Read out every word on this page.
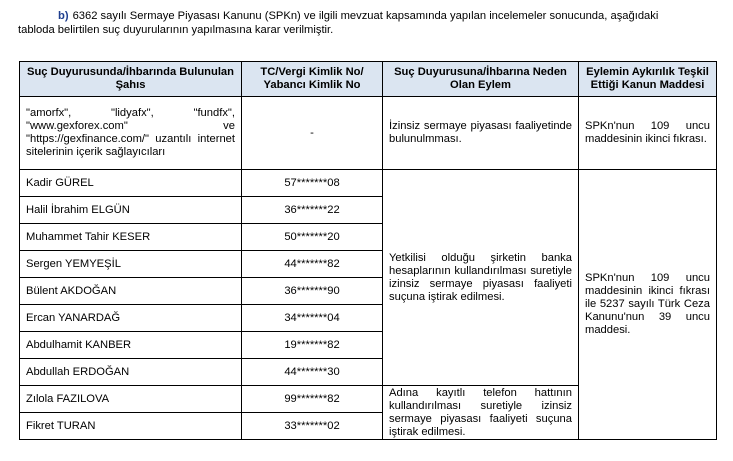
b) 6362 sayılı Sermaye Piyasası Kanunu (SPKn) ve ilgili mevzuat kapsamında yapılan incelemeler sonucunda, aşağıdaki
tabloda belirtilen suç duyurularının yapılmasına karar verilmiştir.
Suç Duyurusunda/İhbarında Bulunulan Şahıs	TC/Vergi Kimlik No/ Yabancı Kimlik No	Suç Duyurusuna/İhbarına Neden Olan Eylem	Eylemin Aykırılık Teşkil Ettiği Kanun Maddesi
"amorfx", "lidyafx", "fundfx", "www.gexforex.com" ve "https://gexfinance.com/" uzantılı internet sitelerinin içerik sağlayıcıları	-	İzinsiz sermaye piyasası faaliyetinde bulunulmması.	SPKn'nun 109 uncu maddesinin ikinci fıkrası.
Kadir GÜREL	57*******08	Yetkilisi olduğu şirketin banka hesaplarının kullandırılması suretiyle izinsiz sermaye piyasası faaliyeti suçuna iştirak edilmesi.	SPKn'nun 109 uncu maddesinin ikinci fıkrası ile 5237 sayılı Türk Ceza Kanunu'nun 39 uncu maddesi.
Halil İbrahim ELGÜN	36*******22		
Muhammet Tahir KESER	50*******20		
Sergen YEMYEŞİL	44*******82		
Bülent AKDOĞAN	36*******90		
Ercan YANARDAĞ	34*******04		
Abdulhamit KANBER	19*******82		
Abdullah ERDOĞAN	44*******30		
Zılola FAZILOVA	99*******82	Adına kayıtlı telefon hattının kullandırılması suretiyle izinsiz sermaye piyasası faaliyeti suçuna iştirak edilmesi.	
Fikret TURAN	33*******02		
